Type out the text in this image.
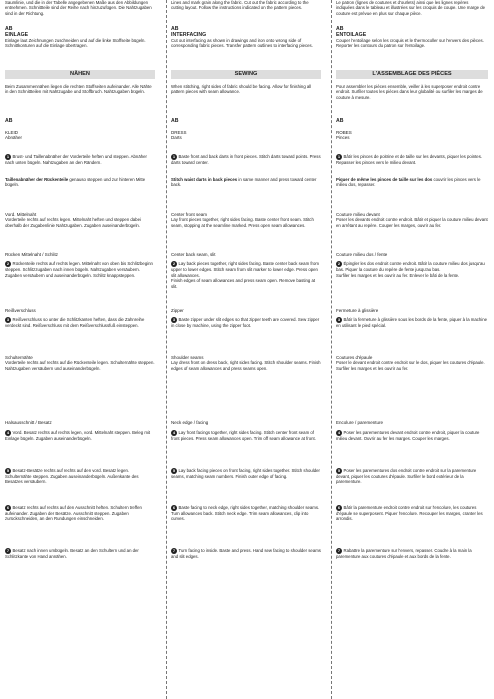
Saumlinie, und die in der Tabelle angegebenen Maße aus den Abbildungen entnehmen. Schnittteile sind der Reihe nach hinzuzufügen. Die Nahtzugaben sind in der Richtung.

AB

EINLAGE

Einlage laut Zeichnungen zuschneiden und auf die linke Stoffseite bügeln. Schnittkonturen auf die Einlage übertragen.

NÄHEN

Beim Zusammennähen liegen die rechten Stoffseiten aufeinander. Alle Nähte in den Schnittteilen mit Nahtzugabe und Stoffbruch. Nahtzugaben bügeln.

AB

KLEID

Abnäher

1 Brust- und Taillenabnäher der Vorderteile heften und steppen. Abnäher nach unten bügeln. Nahtzugaben an den Rändern.

Taillenabnäher der Rückenteile genauso steppen und zur hinteren Mitte bügeln.

Vord. Mittelnaht

Vorderteile rechts auf rechts legen. Mittelnaht heften und steppen dabei oberhalb der Zugabenlinie Nahtzugaben. Zugaben auseinanderbügeln.

Rücken Mittelnaht / Schlitz

2 Rückenteile rechts auf rechts legen. Mittelnaht von oben bis Schlitzbeginn steppen. Schlitzzugaben nach innen bügeln. Nahtzugaben versäubern.

Zugaben versäubern und auseinanderbügeln. Schlitz knappsteppen.

Reißverschluss

3 Reißverschluss so unter die Schlitzkanten heften, dass die Zahnreihe verdeckt sind. Reißverschluss mit dem Reißverschlussfuß einsteppen.

Schulternähte

Vorderteile rechts auf rechts auf die Rückenteile legen. Schulternähte steppen. Nahtzugaben versäubern und auseinanderbügeln.

Halsausschnitt / Besatz

4 Vord. Besatz rechts auf rechts legen, vord. Mittelnaht steppen. Beleg mit Einlage bügeln. Zugaben auseinanderbügeln.

5 Besatz-Besätze rechts auf rechts auf den vord. Besatz legen. Schulternähte steppen. Zugaben auseinanderbügeln. Außenkante des Besatzes versäubern.

6 Besatz rechts auf rechts auf den Ausschnitt heften. Schultern treffen aufeinander. Zugaben der Besätze. Ausschnitt steppen. Zugaben zurückschneiden, an den Rundungen einschneiden.

7 Besatz nach innen umbügeln. Besatz an den Schultern und an der Schlitzkante von Hand annähen.

Lines and mark grain along the fabric. Cut out the fabric according to the cutting layout. Follow the instructions indicated on the pattern pieces.

AB

INTERFACING

Cut out interfacing as shown in drawings and iron onto wrong side of corresponding fabric pieces. Transfer pattern outlines to interfacing pieces.

SEWING

When stitching, right sides of fabric should be facing. Allow for finishing all pattern pieces with seam allowance.

AB

DRESS

Darts

1 Baste front and back darts in front pieces. Stitch darts toward points. Press darts toward center.

Stitch waist darts in back pieces in same manner and press toward center back.

Center front seam

Lay front pieces together, right sides facing. Baste center front seam. Stitch seam, stopping at the seamline marked. Press open seam allowances.

Center back seam, slit

2 Lay back pieces together, right sides facing. Baste center back seam from upper to lower edges. Stitch seam from slit marker to lower edge. Press open slit allowances.

Finish edges of seam allowances and press seam open. Remove basting at slit.

Zipper

3 Baste zipper under slit edges so that zipper teeth are covered. Sew zipper in close by machine, using the zipper foot.

Shoulder seams

Lay dress front on dress back, right sides facing. Stitch shoulder seams. Finish edges of seam allowances and press seams open.

Neck edge / facing

4 Lay front facings together, right sides facing. Stitch center front seam of front pieces. Press seam allowances open. Trim off seam allowance at front.

5 Lay back facing pieces on front facing, right sides together. Stitch shoulder seams, matching seam numbers. Finish outer edge of facing.

6 Baste facing to neck edge, right sides together, matching shoulder seams. Turn allowances back. Stitch neck edge. Trim seam allowances, clip into curves.

7 Turn facing to inside. Baste and press. Hand sew facing to shoulder seams and slit edges.

Le patron (lignes de coutures et d'ourlets) ainsi que les lignes repères indiquées dans le tableau et illustrées sur les croquis de coupe. Une marge de couture est prévue en plus sur chaque pièce.

AB

ENTOILAGE

Couper l'entoilage selon les croquis et le thermocoller sur l'envers des pièces. Reporter les contours du patron sur l'entoilage.

L'ASSEMBLAGE DES PIÈCES

Pour assembler les pièces ensemble, veiller à les superposer endroit contre endroit. Surfiler toutes les pièces dans leur globalité ou surfiler les marges de couture à mesure.

AB

ROBES

Pinces

1 Bâtir les pinces de poitrine et de taille sur les devants, piquer les pointes. Repasser les pinces vers le milieu devant.

Piquer de même les pinces de taille sur les dos couvrir les pinces vers le milieu dos, repasser.

Couture milieu devant

Poser les devants endroit contre endroit. Bâtir et piquer la couture milieu devant en arrêtant au repère. Couper les marges, ouvrir au fer.

Couture milieu dos / fente

2 Épingler les dos endroit contre endroit. Bâtir la couture milieu dos jusqu'au bas. Piquer la couture du repère de fente jusqu'au bas.

Surfiler les marges et les ouvrir au fer. Enlever le bâti de la fente.

Fermeture à glissière

3 Bâtir la fermeture à glissière sous les bords de la fente, piquer à la machine en utilisant le pied spécial.

Coutures d'épaule

Poser le devant endroit contre endroit sur le dos, piquer les coutures d'épaule. Surfiler les marges et les ouvrir au fer.

Encolure / parementure

4 Poser les parementures devant endroit contre endroit, piquer la couture milieu devant. Ouvrir au fer les marges. Couper les marges.

5 Poser les parementures dos endroit contre endroit sur la parementure devant, piquer les coutures d'épaule. Surfiler le bord extérieur de la parementure.

6 Bâtir la parementure endroit contre endroit sur l'encolure, les coutures d'épaule se superposent. Piquer l'encolure. Recouper les marges, cranter les arrondis.

7 Rabattre la parementure sur l'envers, repasser. Coudre à la main la parementure aux coutures d'épaule et aux bords de la fente.
